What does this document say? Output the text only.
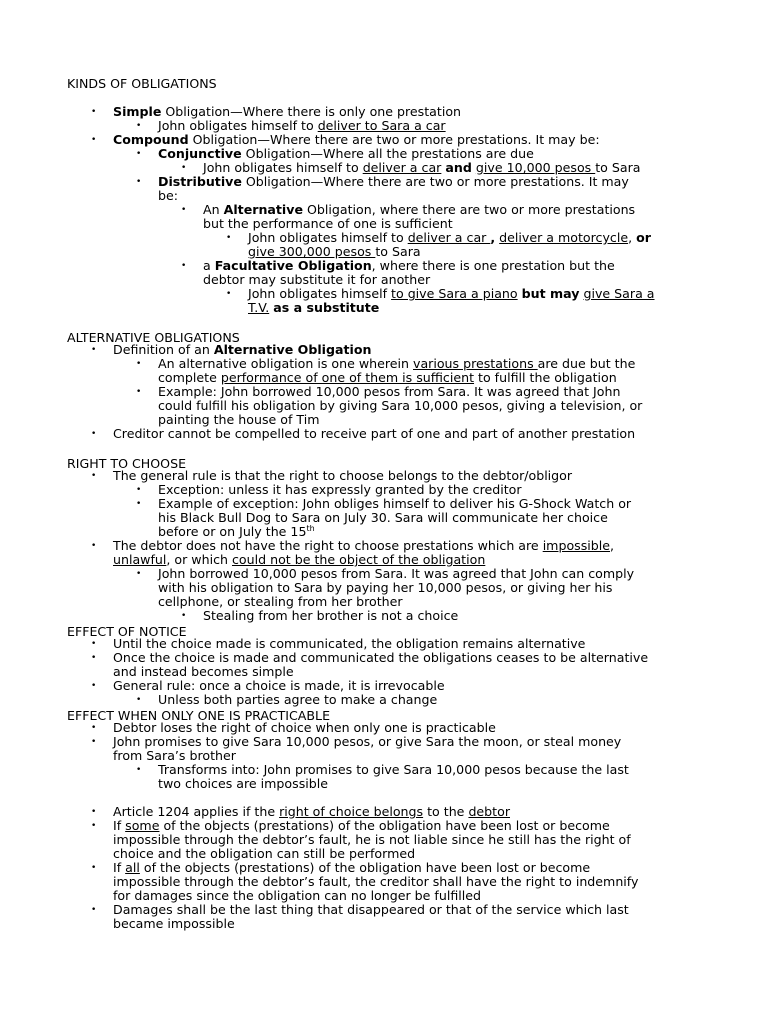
KINDS OF OBLIGATIONS
ALTERNATIVE OBLIGATIONS
RIGHT TO CHOOSE
EFFECT OF NOTICE
EFFECT WHEN ONLY ONE IS PRACTICABLE
• Simple Obligation—Where there is only one prestation
• John obligates himself to deliver to Sara a car
• Compound Obligation—Where there are two or more prestations. It may be:
• Conjunctive Obligation—Where all the prestations are due
• John obligates himself to deliver a car and give 10,000 pesos to Sara
• Distributive Obligation—Where there are two or more prestations. It may
be:
• An Alternative Obligation, where there are two or more prestations
but the performance of one is sufficient
• John obligates himself to deliver a car , deliver a motorcycle, or
give 300,000 pesos to Sara
• a Facultative Obligation, where there is one prestation but the
debtor may substitute it for another
• John obligates himself to give Sara a piano but may give Sara a
T.V. as a substitute
• Definition of an Alternative Obligation
• An alternative obligation is one wherein various prestations are due but the
complete performance of one of them is sufficient to fulfill the obligation
• Example: John borrowed 10,000 pesos from Sara. It was agreed that John
could fulfill his obligation by giving Sara 10,000 pesos, giving a television, or
painting the house of Tim
• Creditor cannot be compelled to receive part of one and part of another prestation
• The general rule is that the right to choose belongs to the debtor/obligor
• Exception: unless it has expressly granted by the creditor
• Example of exception: John obliges himself to deliver his G-Shock Watch or
his Black Bull Dog to Sara on July 30. Sara will communicate her choice
before or on July the 15th
• The debtor does not have the right to choose prestations which are impossible,
unlawful, or which could not be the object of the obligation
• John borrowed 10,000 pesos from Sara. It was agreed that John can comply
with his obligation to Sara by paying her 10,000 pesos, or giving her his
cellphone, or stealing from her brother
• Stealing from her brother is not a choice
• Until the choice made is communicated, the obligation remains alternative
• Once the choice is made and communicated the obligations ceases to be alternative
and instead becomes simple
• General rule: once a choice is made, it is irrevocable
• Unless both parties agree to make a change
• Debtor loses the right of choice when only one is practicable
• John promises to give Sara 10,000 pesos, or give Sara the moon, or steal money
from Sara’s brother
• Transforms into: John promises to give Sara 10,000 pesos because the last
two choices are impossible
• Article 1204 applies if the right of choice belongs to the debtor
• If some of the objects (prestations) of the obligation have been lost or become
impossible through the debtor’s fault, he is not liable since he still has the right of
choice and the obligation can still be performed
• If all of the objects (prestations) of the obligation have been lost or become
impossible through the debtor’s fault, the creditor shall have the right to indemnify
for damages since the obligation can no longer be fulfilled
• Damages shall be the last thing that disappeared or that of the service which last
became impossible
